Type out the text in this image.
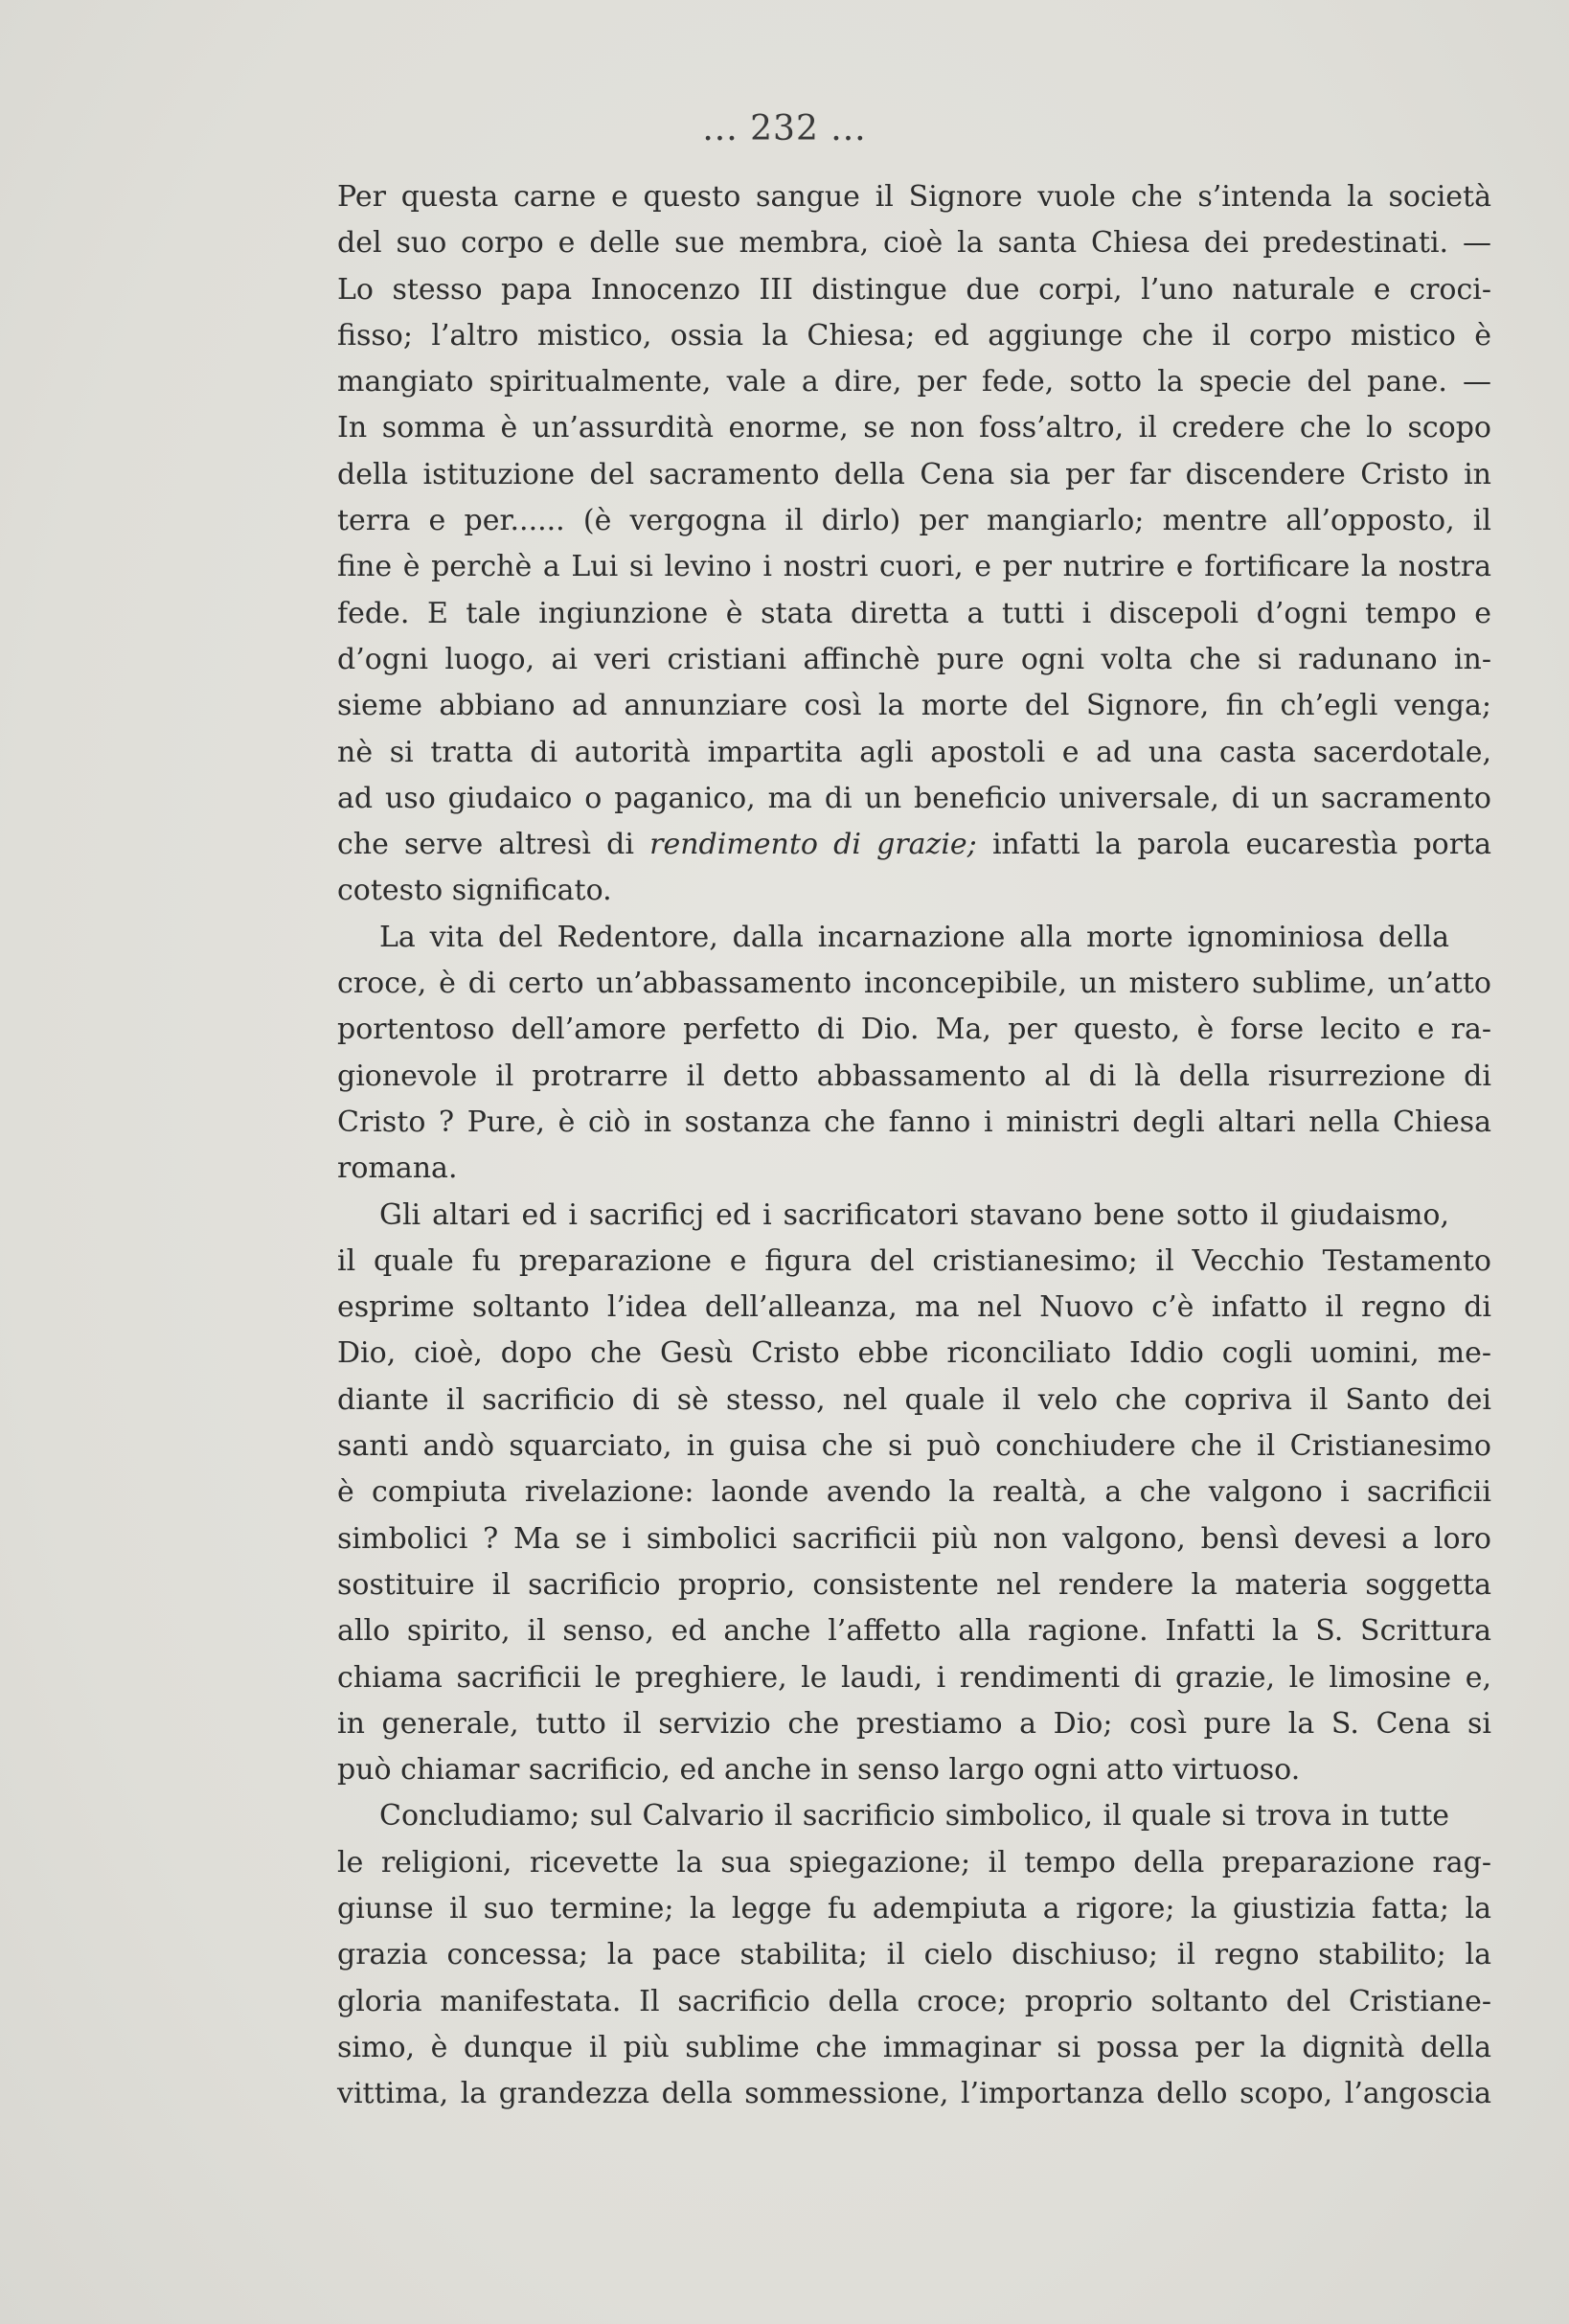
... 232 ...

Per questa carne e questo sangue il Signore vuole che s’intenda la società
del suo corpo e delle sue membra, cioè la santa Chiesa dei predestinati. —
Lo stesso papa Innocenzo III distingue due corpi, l’uno naturale e croci-
fisso; l’altro mistico, ossia la Chiesa; ed aggiunge che il corpo mistico è
mangiato spiritualmente, vale a dire, per fede, sotto la specie del pane. —
In somma è un’assurdità enorme, se non foss’altro, il credere che lo scopo
della istituzione del sacramento della Cena sia per far discendere Cristo in
terra e per...... (è vergogna il dirlo) per mangiarlo; mentre all’opposto, il
fine è perchè a Lui si levino i nostri cuori, e per nutrire e fortificare la nostra
fede. E tale ingiunzione è stata diretta a tutti i discepoli d’ogni tempo e
d’ogni luogo, ai veri cristiani affinchè pure ogni volta che si radunano in-
sieme abbiano ad annunziare così la morte del Signore, fin ch’egli venga;
nè si tratta di autorità impartita agli apostoli e ad una casta sacerdotale,
ad uso giudaico o paganico, ma di un beneficio universale, di un sacramento
che serve altresì di rendimento di grazie; infatti la parola eucarestìa porta
cotesto significato.

La vita del Redentore, dalla incarnazione alla morte ignominiosa della
croce, è di certo un’abbassamento inconcepibile, un mistero sublime, un’atto
portentoso dell’amore perfetto di Dio. Ma, per questo, è forse lecito e ra-
gionevole il protrarre il detto abbassamento al di là della risurrezione di
Cristo ? Pure, è ciò in sostanza che fanno i ministri degli altari nella Chiesa
romana.

Gli altari ed i sacrificj ed i sacrificatori stavano bene sotto il giudaismo,
il quale fu preparazione e figura del cristianesimo; il Vecchio Testamento
esprime soltanto l’idea dell’alleanza, ma nel Nuovo c’è infatto il regno di
Dio, cioè, dopo che Gesù Cristo ebbe riconciliato Iddio cogli uomini, me-
diante il sacrificio di sè stesso, nel quale il velo che copriva il Santo dei
santi andò squarciato, in guisa che si può conchiudere che il Cristianesimo
è compiuta rivelazione: laonde avendo la realtà, a che valgono i sacrificii
simbolici ? Ma se i simbolici sacrificii più non valgono, bensì devesi a loro
sostituire il sacrificio proprio, consistente nel rendere la materia soggetta
allo spirito, il senso, ed anche l’affetto alla ragione. Infatti la S. Scrittura
chiama sacrificii le preghiere, le laudi, i rendimenti di grazie, le limosine e,
in generale, tutto il servizio che prestiamo a Dio; così pure la S. Cena si
può chiamar sacrificio, ed anche in senso largo ogni atto virtuoso.

Concludiamo; sul Calvario il sacrificio simbolico, il quale si trova in tutte
le religioni, ricevette la sua spiegazione; il tempo della preparazione rag-
giunse il suo termine; la legge fu adempiuta a rigore; la giustizia fatta; la
grazia concessa; la pace stabilita; il cielo dischiuso; il regno stabilito; la
gloria manifestata. Il sacrificio della croce; proprio soltanto del Cristiane-
simo, è dunque il più sublime che immaginar si possa per la dignità della
vittima, la grandezza della sommessione, l’importanza dello scopo, l’angoscia
